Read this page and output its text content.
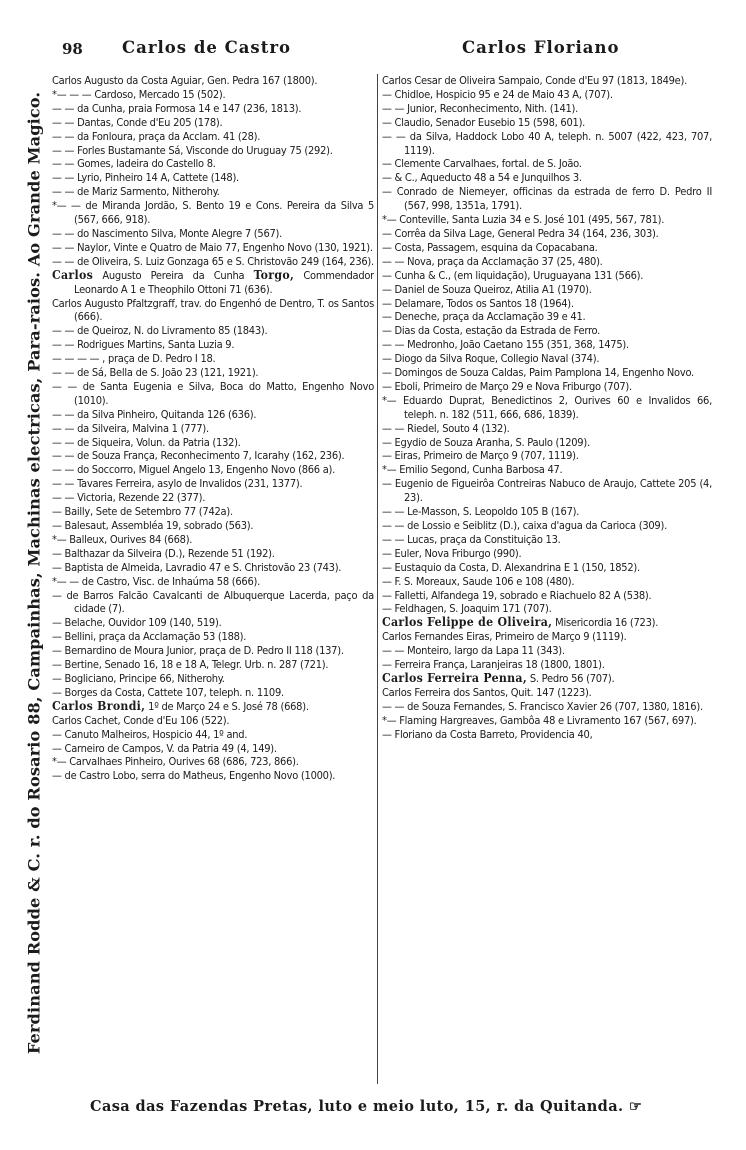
Ferdinand Rodde & C. r. do Rosario 88, Campainhas, Machinas electricas, Para-raios. Ao Grande Magico.
98 Carlos de Castro	Carlos Floriano

Carlos Augusto da Costa Aguiar, Gen. Pedra 167 (1800).

*— — — Cardoso, Mercado 15 (502).

— — da Cunha, praia Formosa 14 e 147 (236, 1813).

— — Dantas, Conde d'Eu 205 (178).

— — da Fonloura, praça da Acclam. 41 (28).

— — Forles Bustamante Sá, Visconde do Uruguay 75 (292).

— — Gomes, ladeira do Castello 8.

— — Lyrio, Pinheiro 14 A, Cattete (148).

— — de Mariz Sarmento, Nitherohy.

*— — de Miranda Jordão, S. Bento 19 e Cons. Pereira da Silva 5 (567, 666, 918).

— — do Nascimento Silva, Monte Alegre 7 (567).

— — Naylor, Vinte e Quatro de Maio 77, Engenho Novo (130, 1921).

— — de Oliveira, S. Luiz Gonzaga 65 e S. Christovão 249 (164, 236).

Carlos Augusto Pereira da Cunha Torgo, Commendador Leonardo A 1 e Theophilo Ottoni 71 (636).

Carlos Augusto Pfaltzgraff, trav. do Engenhó de Dentro, T. os Santos (666).

— — de Queiroz, N. do Livramento 85 (1843).

— — Rodrigues Martins, Santa Luzia 9.

— — — — , praça de D. Pedro I 18.

— — de Sá, Bella de S. João 23 (121, 1921).

— — de Santa Eugenia e Silva, Boca do Matto, Engenho Novo (1010).

— — da Silva Pinheiro, Quitanda 126 (636).

— — da Silveira, Malvina 1 (777).

— — de Siqueira, Volun. da Patria (132).

— — de Souza França, Reconhecimento 7, Icarahy (162, 236).

— — do Soccorro, Miguel Angelo 13, Engenho Novo (866 a).

— — Tavares Ferreira, asylo de Invalidos (231, 1377).

— — Victoria, Rezende 22 (377).

— Bailly, Sete de Setembro 77 (742a).

— Balesaut, Assembléa 19, sobrado (563).

*— Balleux, Ourives 84 (668).

— Balthazar da Silveira (D.), Rezende 51 (192).

— Baptista de Almeida, Lavradio 47 e S. Christovão 23 (743).

*— — de Castro, Visc. de Inhaúma 58 (666).

— de Barros Falcão Cavalcanti de Albuquerque Lacerda, paço da cidade (7).

— Belache, Ouvidor 109 (140, 519).

— Bellini, praça da Acclamação 53 (188).

— Bernardino de Moura Junior, praça de D. Pedro II 118 (137).

— Bertine, Senado 16, 18 e 18 A, Telegr. Urb. n. 287 (721).

— Bogliciano, Principe 66, Nitherohy.

— Borges da Costa, Cattete 107, teleph. n. 1109.

Carlos Brondi, 1º de Março 24 e S. José 78 (668).

Carlos Cachet, Conde d'Eu 106 (522).

— Canuto Malheiros, Hospicio 44, 1º and.

— Carneiro de Campos, V. da Patria 49 (4, 149).

*— Carvalhaes Pinheiro, Ourives 68 (686, 723, 866).

— de Castro Lobo, serra do Matheus, Engenho Novo (1000).

Carlos Cesar de Oliveira Sampaio, Conde d'Eu 97 (1813, 1849e).

— Chidloe, Hospicio 95 e 24 de Maio 43 A, (707).

— — Junior, Reconhecimento, Nith. (141).

— Claudio, Senador Eusebio 15 (598, 601).

— — da Silva, Haddock Lobo 40 A, teleph. n. 5007 (422, 423, 707, 1119).

— Clemente Carvalhaes, fortal. de S. João.

— & C., Aqueducto 48 a 54 e Junquilhos 3.

— Conrado de Niemeyer, officinas da estrada de ferro D. Pedro II (567, 998, 1351a, 1791).

*— Conteville, Santa Luzia 34 e S. José 101 (495, 567, 781).

— Corrêa da Silva Lage, General Pedra 34 (164, 236, 303).

— Costa, Passagem, esquina da Copacabana.

— — Nova, praça da Acclamação 37 (25, 480).

— Cunha & C., (em liquidação), Uruguayana 131 (566).

— Daniel de Souza Queiroz, Atilia A1 (1970).

— Delamare, Todos os Santos 18 (1964).

— Deneche, praça da Acclamação 39 e 41.

— Dias da Costa, estação da Estrada de Ferro.

— — Medronho, João Caetano 155 (351, 368, 1475).

— Diogo da Silva Roque, Collegio Naval (374).

— Domingos de Souza Caldas, Paim Pamplona 14, Engenho Novo.

— Eboli, Primeiro de Março 29 e Nova Friburgo (707).

*— Eduardo Duprat, Benedictinos 2, Ourives 60 e Invalidos 66, teleph. n. 182 (511, 666, 686, 1839).

— — Riedel, Souto 4 (132).

— Egydio de Souza Aranha, S. Paulo (1209).

— Eiras, Primeiro de Março 9 (707, 1119).

*— Emilio Segond, Cunha Barbosa 47.

— Eugenio de Figueirôa Contreiras Nabuco de Araujo, Cattete 205 (4, 23).

— — Le-Masson, S. Leopoldo 105 B (167).

— — de Lossio e Seiblitz (D.), caixa d'agua da Carioca (309).

— — Lucas, praça da Constituição 13.

— Euler, Nova Friburgo (990).

— Eustaquio da Costa, D. Alexandrina E 1 (150, 1852).

— F. S. Moreaux, Saude 106 e 108 (480).

— Falletti, Alfandega 19, sobrado e Riachuelo 82 A (538).

— Feldhagen, S. Joaquim 171 (707).

Carlos Felippe de Oliveira, Misericordia 16 (723).

Carlos Fernandes Eiras, Primeiro de Março 9 (1119).

— — Monteiro, largo da Lapa 11 (343).

— Ferreira França, Laranjeiras 18 (1800, 1801).

Carlos Ferreira Penna, S. Pedro 56 (707).

Carlos Ferreira dos Santos, Quit. 147 (1223).

— — de Souza Fernandes, S. Francisco Xavier 26 (707, 1380, 1816).

*— Flaming Hargreaves, Gambôa 48 e Livramento 167 (567, 697).

— Floriano da Costa Barreto, Providencia 40,

Casa das Fazendas Pretas, luto e meio luto, 15, r. da Quitanda. ☞
